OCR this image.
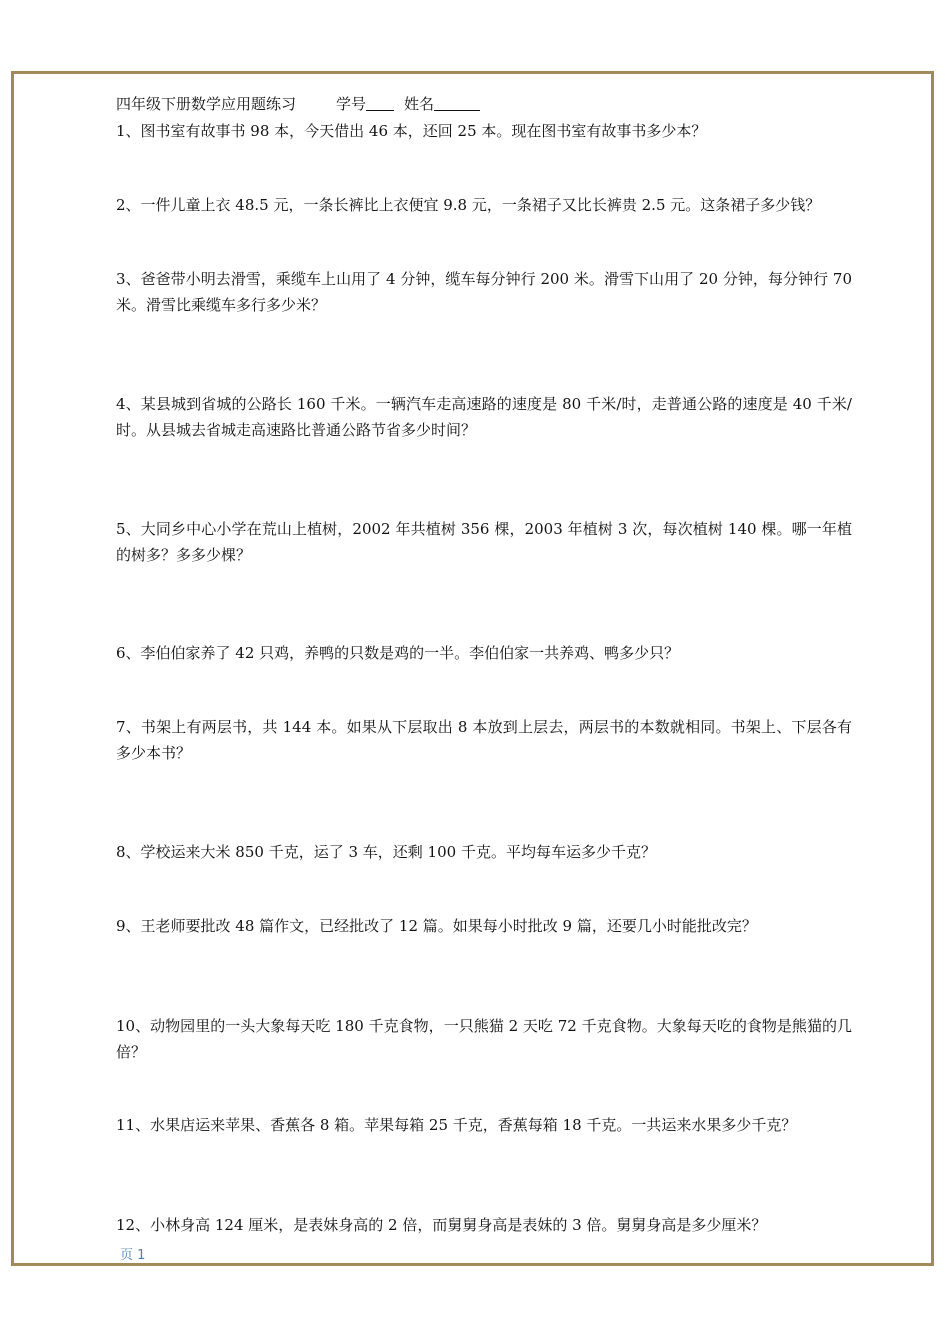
四年级下册数学应用题练习	学号	姓名
1、图书室有故事书 98 本，今天借出 46 本，还回 25 本。现在图书室有故事书多少本？
2、一件儿童上衣 48.5 元，一条长裤比上衣便宜 9.8 元，一条裙子又比长裤贵 2.5 元。这条裙子多少钱？
3、爸爸带小明去滑雪，乘缆车上山用了 4 分钟，缆车每分钟行 200 米。滑雪下山用了 20 分钟，每分钟行 70 米。滑雪比乘缆车多行多少米？
4、某县城到省城的公路长 160 千米。一辆汽车走高速路的速度是 80 千米/时，走普通公路的速度是 40 千米/时。从县城去省城走高速路比普通公路节省多少时间？
5、大同乡中心小学在荒山上植树，2002 年共植树 356 棵，2003 年植树 3 次，每次植树 140 棵。哪一年植的树多？多多少棵？
6、李伯伯家养了 42 只鸡，养鸭的只数是鸡的一半。李伯伯家一共养鸡、鸭多少只？
7、书架上有两层书，共 144 本。如果从下层取出 8 本放到上层去，两层书的本数就相同。书架上、下层各有多少本书？
8、学校运来大米 850 千克，运了 3 车，还剩 100 千克。平均每车运多少千克？
9、王老师要批改 48 篇作文，已经批改了 12 篇。如果每小时批改 9 篇，还要几小时能批改完？
10、动物园里的一头大象每天吃 180 千克食物，一只熊猫 2 天吃 72 千克食物。大象每天吃的食物是熊猫的几倍？
11、水果店运来苹果、香蕉各 8 箱。苹果每箱 25 千克，香蕉每箱 18 千克。一共运来水果多少千克？
12、小林身高 124 厘米，是表妹身高的 2 倍，而舅舅身高是表妹的 3 倍。舅舅身高是多少厘米？
页 1
